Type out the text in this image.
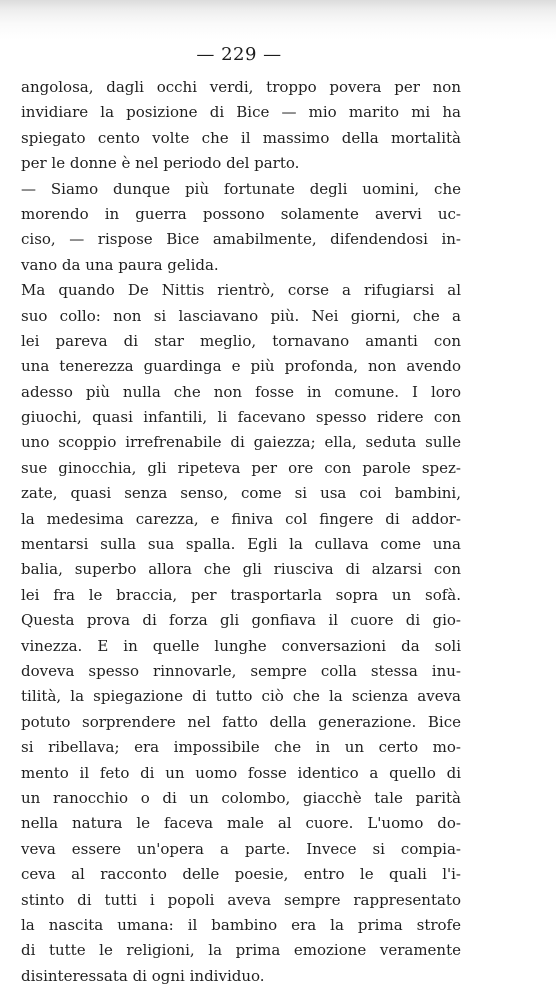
— 229 —
angolosa, dagli occhi verdi, troppo povera per non
invidiare la posizione di Bice — mio marito mi ha
spiegato cento volte che il massimo della mortalità
per le donne è nel periodo del parto.
— Siamo dunque più fortunate degli uomini, che
morendo in guerra possono solamente avervi uc-
ciso, — rispose Bice amabilmente, difendendosi in-
vano da una paura gelida.
Ma quando De Nittis rientrò, corse a rifugiarsi al
suo collo: non si lasciavano più. Nei giorni, che a
lei pareva di star meglio, tornavano amanti con
una tenerezza guardinga e più profonda, non avendo
adesso più nulla che non fosse in comune. I loro
giuochi, quasi infantili, li facevano spesso ridere con
uno scoppio irrefrenabile di gaiezza; ella, seduta sulle
sue ginocchia, gli ripeteva per ore con parole spez-
zate, quasi senza senso, come si usa coi bambini,
la medesima carezza, e finiva col fingere di addor-
mentarsi sulla sua spalla. Egli la cullava come una
balia, superbo allora che gli riusciva di alzarsi con
lei fra le braccia, per trasportarla sopra un sofà.
Questa prova di forza gli gonfiava il cuore di gio-
vinezza. E in quelle lunghe conversazioni da soli
doveva spesso rinnovarle, sempre colla stessa inu-
tilità, la spiegazione di tutto ciò che la scienza aveva
potuto sorprendere nel fatto della generazione. Bice
si ribellava; era impossibile che in un certo mo-
mento il feto di un uomo fosse identico a quello di
un ranocchio o di un colombo, giacchè tale parità
nella natura le faceva male al cuore. L'uomo do-
veva essere un'opera a parte. Invece si compia-
ceva al racconto delle poesie, entro le quali l'i-
stinto di tutti i popoli aveva sempre rappresentato
la nascita umana: il bambino era la prima strofe
di tutte le religioni, la prima emozione veramente
disinteressata di ogni individuo.
